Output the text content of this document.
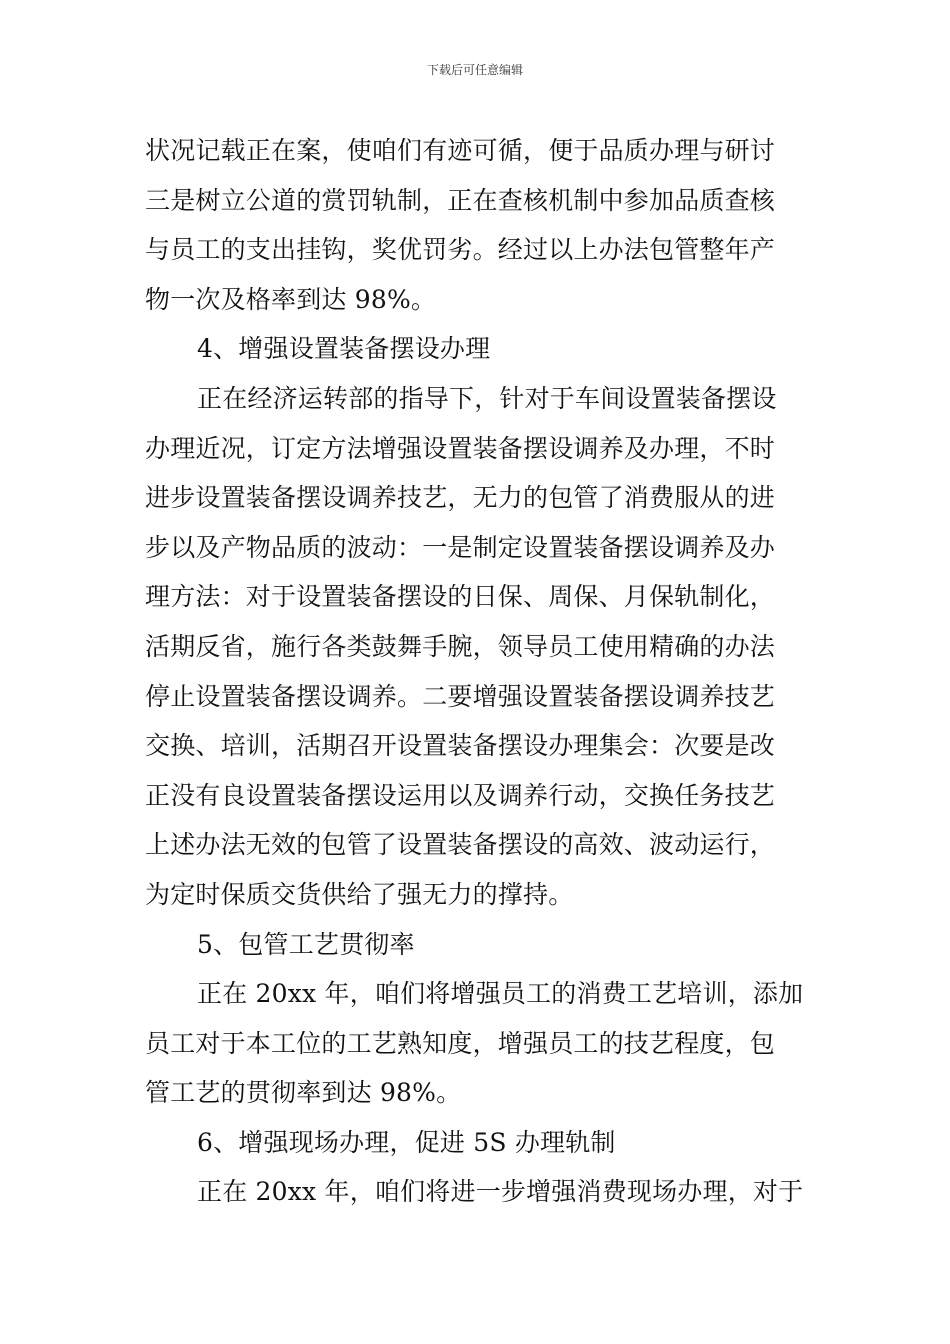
下载后可任意编辑
状况记载正在案，使咱们有迹可循，便于品质办理与研讨
三是树立公道的赏罚轨制，正在查核机制中参加品质查核
与员工的支出挂钩，奖优罚劣。经过以上办法包管整年产
物一次及格率到达 98%。
4、增强设置装备摆设办理
正在经济运转部的指导下，针对于车间设置装备摆设
办理近况，订定方法增强设置装备摆设调养及办理，不时
进步设置装备摆设调养技艺，无力的包管了消费服从的进
步以及产物品质的波动：一是制定设置装备摆设调养及办
理方法：对于设置装备摆设的日保、周保、月保轨制化，
活期反省，施行各类鼓舞手腕，领导员工使用精确的办法
停止设置装备摆设调养。二要增强设置装备摆设调养技艺
交换、培训，活期召开设置装备摆设办理集会：次要是改
正没有良设置装备摆设运用以及调养行动，交换任务技艺
上述办法无效的包管了设置装备摆设的高效、波动运行，
为定时保质交货供给了强无力的撑持。
5、包管工艺贯彻率
正在 20xx 年，咱们将增强员工的消费工艺培训，添加
员工对于本工位的工艺熟知度，增强员工的技艺程度，包
管工艺的贯彻率到达 98%。
6、增强现场办理，促进 5S 办理轨制
正在 20xx 年，咱们将进一步增强消费现场办理，对于
